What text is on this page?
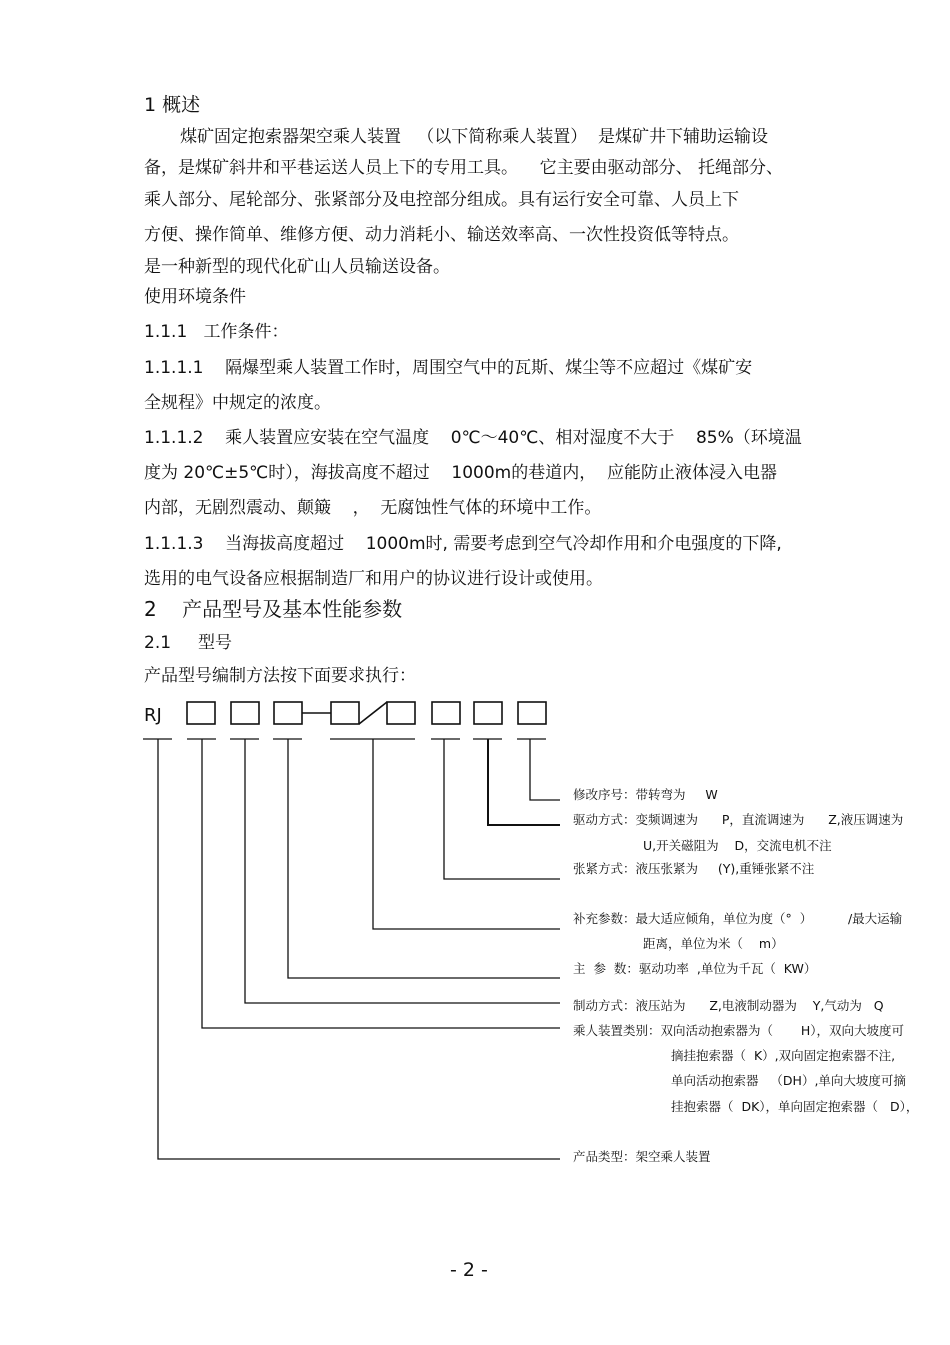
1 概述
煤矿固定抱索器架空乘人装置   （以下简称乘人装置）  是煤矿井下辅助运输设
备，是煤矿斜井和平巷运送人员上下的专用工具。    它主要由驱动部分、 托绳部分、
乘人部分、尾轮部分、张紧部分及电控部分组成。具有运行安全可靠、人员上下
方便、操作简单、维修方便、动力消耗小、输送效率高、一次性投资低等特点。
是一种新型的现代化矿山人员输送设备。
使用环境条件
1.1.1   工作条件：
1.1.1.1    隔爆型乘人装置工作时，周围空气中的瓦斯、煤尘等不应超过《煤矿安
全规程》中规定的浓度。
1.1.1.2    乘人装置应安装在空气温度    0℃～40℃、相对湿度不大于    85%（环境温
度为 20℃±5℃时），海拔高度不超过    1000m的巷道内，  应能防止液体浸入电器
内部，无剧烈震动、颠簸    ，  无腐蚀性气体的环境中工作。
1.1.1.3    当海拔高度超过    1000m时, 需要考虑到空气冷却作用和介电强度的下降,
选用的电气设备应根据制造厂和用户的协议进行设计或使用。
2    产品型号及基本性能参数
2.1     型号
产品型号编制方法按下面要求执行：
RJ
修改序号：带转弯为     W
驱动方式：变频调速为      P，直流调速为      Z,液压调速为
U,开关磁阻为    D，交流电机不注
张紧方式：液压张紧为     (Y),重锤张紧不注
补充参数：最大适应倾角，单位为度（°  ）         /最大运输
距离，单位为米（    m）
主  参  数：驱动功率  ,单位为千瓦（  KW）
制动方式：液压站为      Z,电液制动器为    Y,气动为   Q
乘人装置类别：双向活动抱索器为（       H），双向大坡度可
摘挂抱索器（  K）,双向固定抱索器不注,
单向活动抱索器   （DH）,单向大坡度可摘
挂抱索器（  DK），单向固定抱索器（   D），
产品类型：架空乘人装置
- 2 -
